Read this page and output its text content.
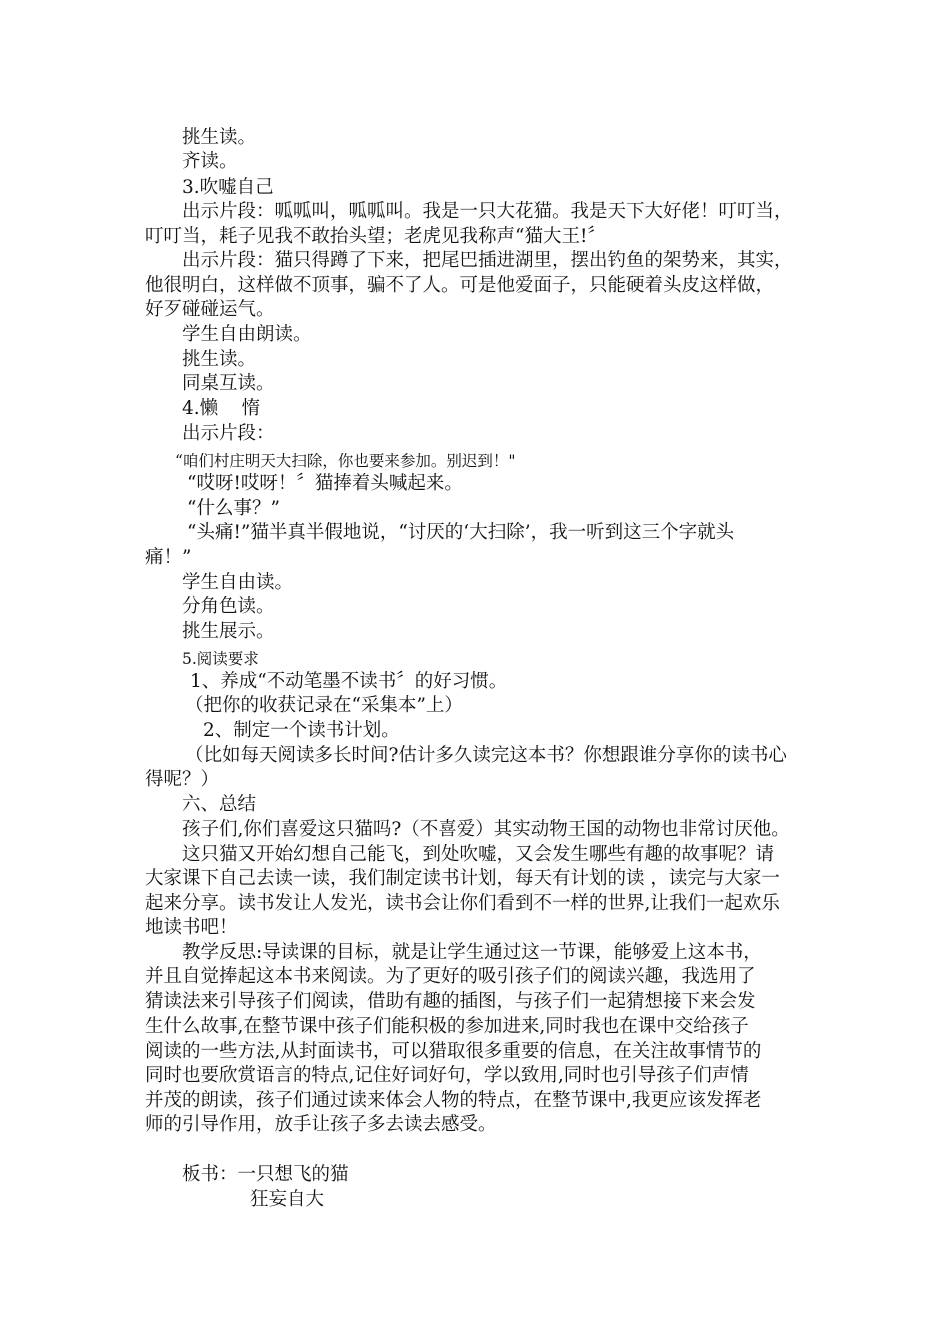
挑生读。
齐读。
3.吹嘘自己
出示片段：呱呱叫，呱呱叫。我是一只大花猫。我是天下大好佬！叮叮当，
叮叮当，耗子见我不敢抬头望；老虎见我称声“猫大王!〞
出示片段：猫只得蹲了下来，把尾巴插进湖里，摆出钓鱼的架势来，其实，
他很明白，这样做不顶事，骗不了人。可是他爱面子，只能硬着头皮这样做，
好歹碰碰运气。
学生自由朗读。
挑生读。
同桌互读。
4.懒    惰
出示片段：
“咱们村庄明天大扫除，你也要来参加。别迟到！"
“哎呀!哎呀！〞猫捧着头喊起来。
“什么事？”
“头痛!”猫半真半假地说，“讨厌的‘大扫除’，我一听到这三个字就头
痛！”
学生自由读。
分角色读。
挑生展示。
5.阅读要求
1、养成“不动笔墨不读书〞的好习惯。
（把你的收获记录在“采集本”上）
2、制定一个读书计划。
（比如每天阅读多长时间?估计多久读完这本书？你想跟谁分享你的读书心
得呢？）
六、总结
孩子们,你们喜爱这只猫吗?（不喜爱）其实动物王国的动物也非常讨厌他。
这只猫又开始幻想自己能飞，到处吹嘘，又会发生哪些有趣的故事呢？请
大家课下自己去读一读，我们制定读书计划，每天有计划的读 ，读完与大家一
起来分享。读书发让人发光，读书会让你们看到不一样的世界,让我们一起欢乐
地读书吧！
教学反思:导读课的目标，就是让学生通过这一节课，能够爱上这本书，
并且自觉捧起这本书来阅读。为了更好的吸引孩子们的阅读兴趣，我选用了
猜读法来引导孩子们阅读，借助有趣的插图，与孩子们一起猜想接下来会发
生什么故事,在整节课中孩子们能积极的参加进来,同时我也在课中交给孩子
阅读的一些方法,从封面读书，可以猎取很多重要的信息，在关注故事情节的
同时也要欣赏语言的特点,记住好词好句，学以致用,同时也引导孩子们声情
并茂的朗读，孩子们通过读来体会人物的特点，在整节课中,我更应该发挥老
师的引导作用，放手让孩子多去读去感受。
板书：一只想飞的猫
狂妄自大
